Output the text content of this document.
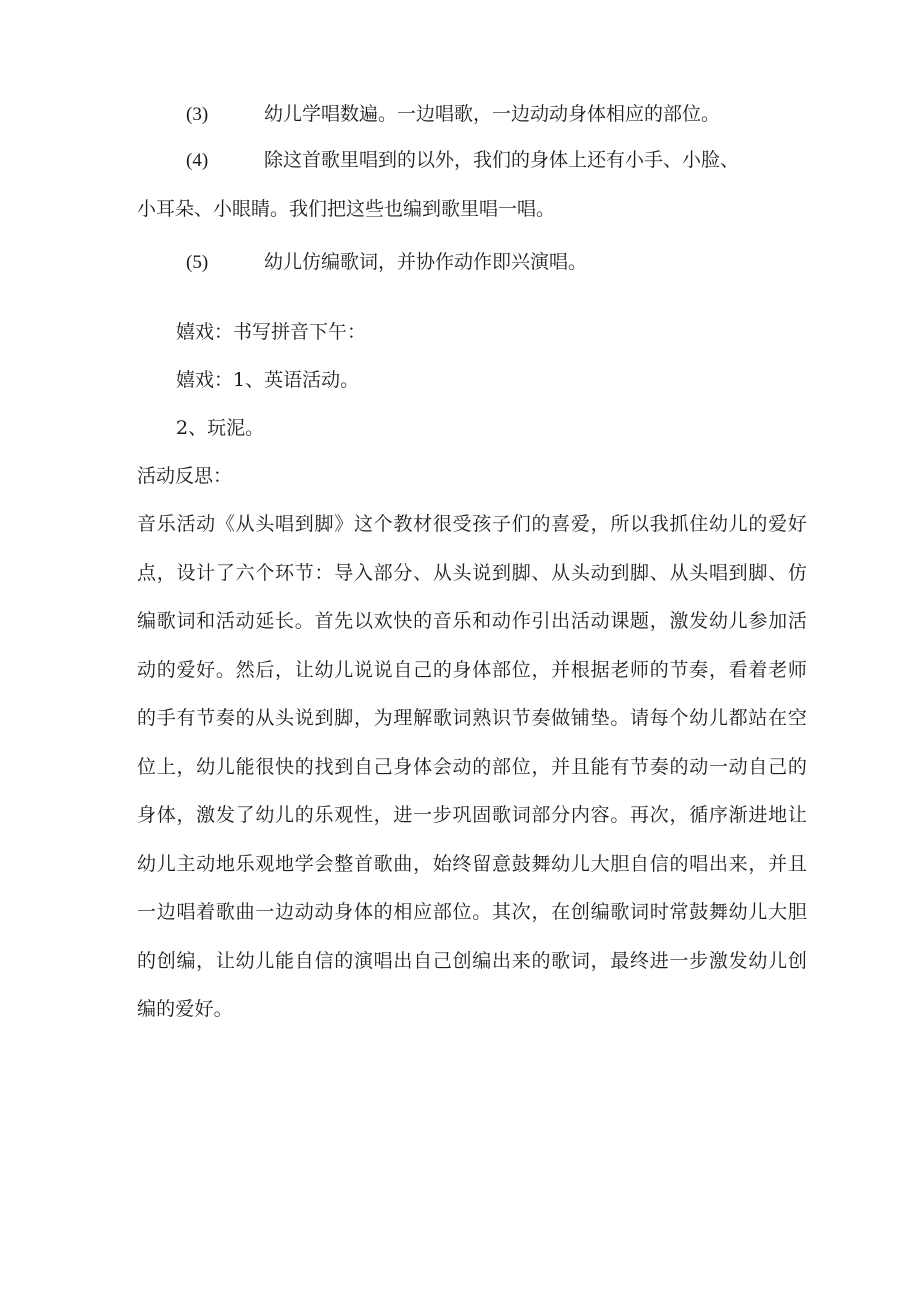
(3)	幼儿学唱数遍。一边唱歌，一边动动身体相应的部位。
(4)	除这首歌里唱到的以外，我们的身体上还有小手、小脸、
小耳朵、小眼睛。我们把这些也编到歌里唱一唱。
(5)	幼儿仿编歌词，并协作动作即兴演唱。
嬉戏：书写拼音下午：
嬉戏：1、英语活动。
2、玩泥。
活动反思：

音乐活动《从头唱到脚》这个教材很受孩子们的喜爱，所以我抓住幼儿的爱好点，设计了六个环节：导入部分、从头说到脚、从头动到脚、从头唱到脚、仿编歌词和活动延长。首先以欢快的音乐和动作引出活动课题，激发幼儿参加活动的爱好。然后，让幼儿说说自己的身体部位，并根据老师的节奏，看着老师的手有节奏的从头说到脚，为理解歌词熟识节奏做铺垫。请每个幼儿都站在空位上，幼儿能很快的找到自己身体会动的部位，并且能有节奏的动一动自己的身体，激发了幼儿的乐观性，进一步巩固歌词部分内容。再次，循序渐进地让幼儿主动地乐观地学会整首歌曲，始终留意鼓舞幼儿大胆自信的唱出来，并且一边唱着歌曲一边动动身体的相应部位。其次，在创编歌词时常鼓舞幼儿大胆的创编，让幼儿能自信的演唱出自己创编出来的歌词，最终进一步激发幼儿创编的爱好。
